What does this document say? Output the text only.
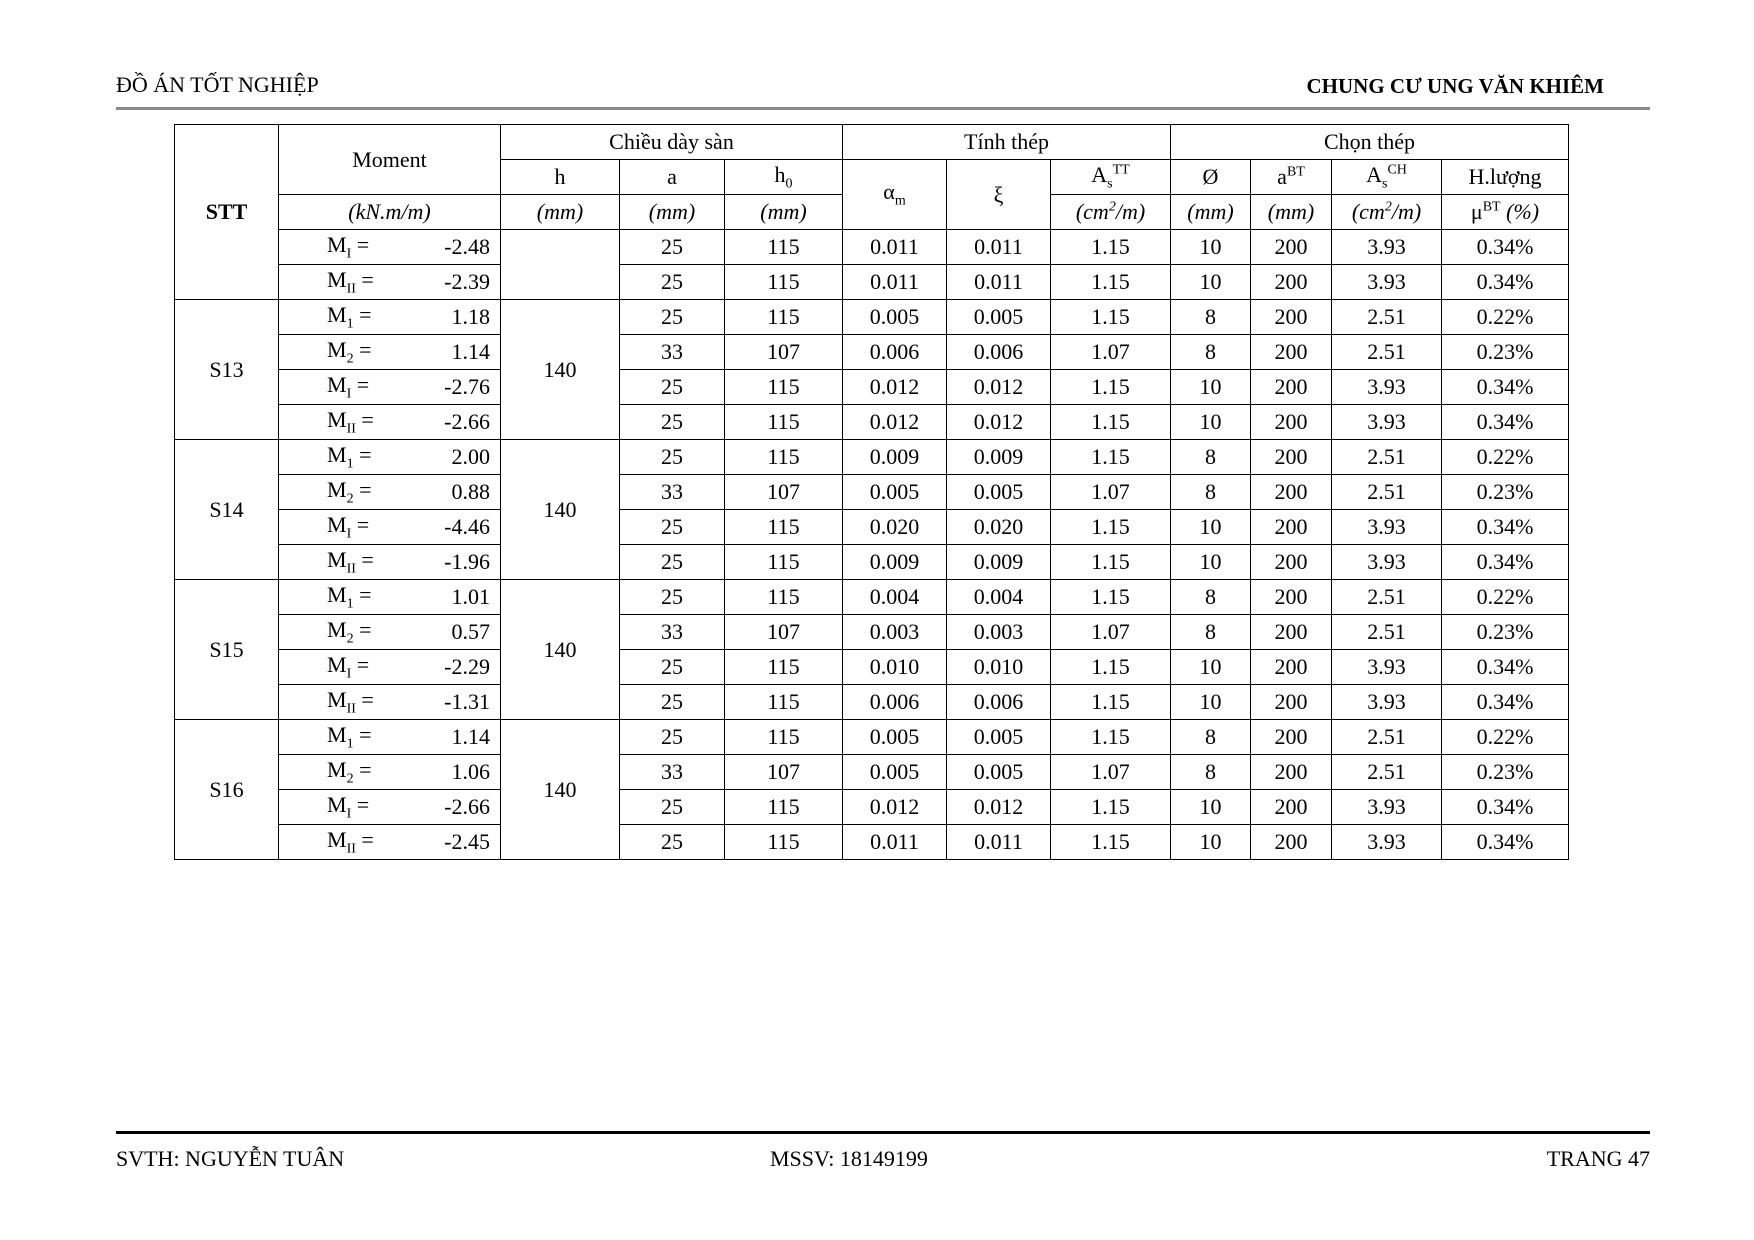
ĐỒ ÁN TỐT NGHIỆP	CHUNG CƯ UNG VĂN KHIÊM
STT	Moment		Chiều dày sàn			Tính thép			Chọn thép			
			h	a	$h_0$	$\alpha_m$	ξ	$A_s^{TT}$	Ø	$a^{BT}$	$A_s^{CH}$	H.lượng
	(kN.m/m)		(mm)	(mm)	(mm)			$(cm^2/m)$	(mm)	(mm)	$(cm^2/m)$	$\mu^{BT}$ (%)
	$M_I$ =	-2.48		25	115	0.011	0.011	1.15	10	200	3.93	0.34%
	$M_{II}$ =	-2.39		25	115	0.011	0.011	1.15	10	200	3.93	0.34%
S13	$M_1$ =	1.18	140	25	115	0.005	0.005	1.15	8	200	2.51	0.22%
	$M_2$ =	1.14		33	107	0.006	0.006	1.07	8	200	2.51	0.23%
	$M_I$ =	-2.76		25	115	0.012	0.012	1.15	10	200	3.93	0.34%
	$M_{II}$ =	-2.66		25	115	0.012	0.012	1.15	10	200	3.93	0.34%
S14	$M_1$ =	2.00	140	25	115	0.009	0.009	1.15	8	200	2.51	0.22%
	$M_2$ =	0.88		33	107	0.005	0.005	1.07	8	200	2.51	0.23%
	$M_I$ =	-4.46		25	115	0.020	0.020	1.15	10	200	3.93	0.34%
	$M_{II}$ =	-1.96		25	115	0.009	0.009	1.15	10	200	3.93	0.34%
S15	$M_1$ =	1.01	140	25	115	0.004	0.004	1.15	8	200	2.51	0.22%
	$M_2$ =	0.57		33	107	0.003	0.003	1.07	8	200	2.51	0.23%
	$M_I$ =	-2.29		25	115	0.010	0.010	1.15	10	200	3.93	0.34%
	$M_{II}$ =	-1.31		25	115	0.006	0.006	1.15	10	200	3.93	0.34%
S16	$M_1$ =	1.14	140	25	115	0.005	0.005	1.15	8	200	2.51	0.22%
	$M_2$ =	1.06		33	107	0.005	0.005	1.07	8	200	2.51	0.23%
	$M_I$ =	-2.66		25	115	0.012	0.012	1.15	10	200	3.93	0.34%
	$M_{II}$ =	-2.45		25	115	0.011	0.011	1.15	10	200	3.93	0.34%
SVTH: NGUYỄN TUÂN	MSSV: 18149199	TRANG 47
